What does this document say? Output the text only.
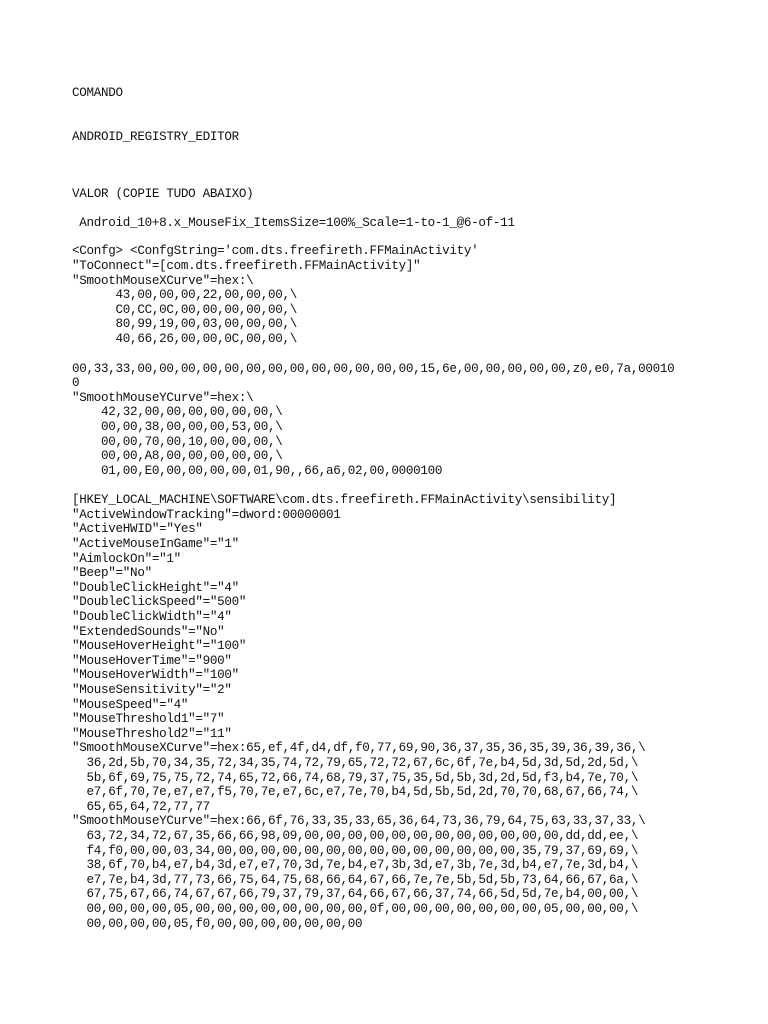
COMANDO
ANDROID_REGISTRY_EDITOR
VALOR (COPIE TUDO ABAIXO)
Android_10+8.x_MouseFix_ItemsSize=100%_Scale=1-to-1_@6-of-11
<Confg> <ConfgString='com.dts.freefireth.FFMainActivity'
"ToConnect"=[com.dts.freefireth.FFMainActivity]"
"SmoothMouseXCurve"=hex:\
43,00,00,00,22,00,00,00,\
C0,CC,0C,00,00,00,00,00,\
80,99,19,00,03,00,00,00,\
40,66,26,00,00,0C,00,00,\
00,33,33,00,00,00,00,00,00,00,00,00,00,00,00,00,15,6e,00,00,00,00,00,z0,e0,7a,00010
0
"SmoothMouseYCurve"=hex:\
42,32,00,00,00,00,00,00,\
00,00,38,00,00,00,53,00,\
00,00,70,00,10,00,00,00,\
00,00,A8,00,00,00,00,00,\
01,00,E0,00,00,00,00,01,90,,66,a6,02,00,0000100
[HKEY_LOCAL_MACHINE\SOFTWARE\com.dts.freefireth.FFMainActivity\sensibility]
"ActiveWindowTracking"=dword:00000001
"ActiveHWID"="Yes"
"ActiveMouseInGame"="1"
"AimlockOn"="1"
"Beep"="No"
"DoubleClickHeight"="4"
"DoubleClickSpeed"="500"
"DoubleClickWidth"="4"
"ExtendedSounds"="No"
"MouseHoverHeight"="100"
"MouseHoverTime"="900"
"MouseHoverWidth"="100"
"MouseSensitivity"="2"
"MouseSpeed"="4"
"MouseThreshold1"="7"
"MouseThreshold2"="11"
"SmoothMouseXCurve"=hex:65,ef,4f,d4,df,f0,77,69,90,36,37,35,36,35,39,36,39,36,\
36,2d,5b,70,34,35,72,34,35,74,72,79,65,72,72,67,6c,6f,7e,b4,5d,3d,5d,2d,5d,\
5b,6f,69,75,75,72,74,65,72,66,74,68,79,37,75,35,5d,5b,3d,2d,5d,f3,b4,7e,70,\
e7,6f,70,7e,e7,e7,f5,70,7e,e7,6c,e7,7e,70,b4,5d,5b,5d,2d,70,70,68,67,66,74,\
65,65,64,72,77,77
"SmoothMouseYCurve"=hex:66,6f,76,33,35,33,65,36,64,73,36,79,64,75,63,33,37,33,\
63,72,34,72,67,35,66,66,98,09,00,00,00,00,00,00,00,00,00,00,00,00,dd,dd,ee,\
f4,f0,00,00,03,34,00,00,00,00,00,00,00,00,00,00,00,00,00,00,35,79,37,69,69,\
38,6f,70,b4,e7,b4,3d,e7,e7,70,3d,7e,b4,e7,3b,3d,e7,3b,7e,3d,b4,e7,7e,3d,b4,\
e7,7e,b4,3d,77,73,66,75,64,75,68,66,64,67,66,7e,7e,5b,5d,5b,73,64,66,67,6a,\
67,75,67,66,74,67,67,66,79,37,79,37,64,66,67,66,37,74,66,5d,5d,7e,b4,00,00,\
00,00,00,00,05,00,00,00,00,00,00,00,00,0f,00,00,00,00,00,00,00,05,00,00,00,\
00,00,00,00,05,f0,00,00,00,00,00,00,00
